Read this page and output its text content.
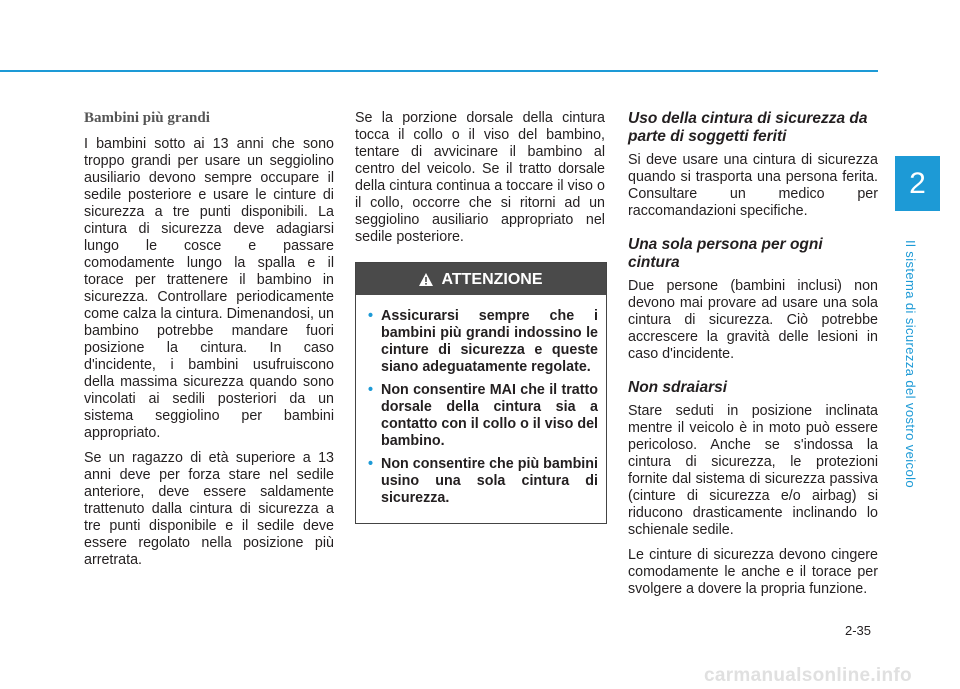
2
Il sistema di sicurezza del vostro veicolo
Bambini più grandi

I bambini sotto ai 13 anni che sono troppo grandi per usare un seggiolino ausiliario devono sempre occupare il sedile posteriore e usare le cinture di sicurezza a tre punti disponibili. La cintura di sicurezza deve adagiarsi lungo le cosce e passare comodamente lungo la spalla e il torace per trattenere il bambino in sicurezza. Controllare periodicamente come calza la cintura. Dimenandosi, un bambino potrebbe mandare fuori posizione la cintura. In caso d'incidente, i bambini usufruiscono della massima sicurezza quando sono vincolati ai sedili posteriori da un sistema seggiolino per bambini appropriato.

Se un ragazzo di età superiore a 13 anni deve per forza stare nel sedile anteriore, deve essere saldamente trattenuto dalla cintura di sicurezza a tre punti disponibile e il sedile deve essere regolato nella posizione più arretrata.

Se la porzione dorsale della cintura tocca il collo o il viso del bambino, tentare di avvicinare il bambino al centro del veicolo. Se il tratto dorsale della cintura continua a toccare il viso o il collo, occorre che si ritorni ad un seggiolino ausiliario appropriato nel sedile posteriore.

ATTENZIONE
• Assicurarsi sempre che i bambini più grandi indossino le cinture di sicurezza e queste siano adeguatamente regolate.
• Non consentire MAI che il tratto dorsale della cintura sia a contatto con il collo o il viso del bambino.
• Non consentire che più bambini usino una sola cintura di sicurezza.
Uso della cintura di sicurezza da parte di soggetti feriti

Si deve usare una cintura di sicurezza quando si trasporta una persona ferita. Consultare un medico per raccomandazioni specifiche.

Una sola persona per ogni cintura

Due persone (bambini inclusi) non devono mai provare ad usare una sola cintura di sicurezza. Ciò potrebbe accrescere la gravità delle lesioni in caso d'incidente.

Non sdraiarsi

Stare seduti in posizione inclinata mentre il veicolo è in moto può essere pericoloso. Anche se s'indossa la cintura di sicurezza, le protezioni fornite dal sistema di sicurezza passiva (cinture di sicurezza e/o airbag) si riducono drasticamente inclinando lo schienale sedile.

Le cinture di sicurezza devono cingere comodamente le anche e il torace per svolgere a dovere la propria funzione.

2-35
carmanualsonline.info
